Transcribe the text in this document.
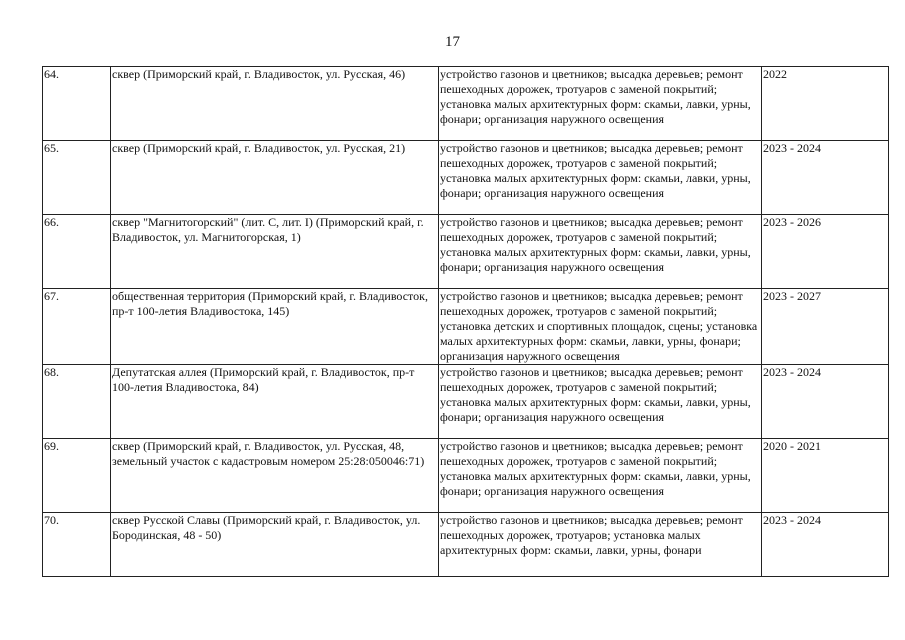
17
64.	сквер (Приморский край, г. Владивосток, ул. Русская, 46)	устройство газонов и цветников; высадка деревьев; ремонт пешеходных дорожек, тротуаров с заменой покрытий; установка малых архитектурных форм: скамьи, лавки, урны, фонари; организация наружного освещения	2022
65.	сквер (Приморский край, г. Владивосток, ул. Русская, 21)	устройство газонов и цветников; высадка деревьев; ремонт пешеходных дорожек, тротуаров с заменой покрытий; установка малых архитектурных форм: скамьи, лавки, урны, фонари; организация наружного освещения	2023 - 2024
66.	сквер "Магнитогорский" (лит. С, лит. I) (Приморский край, г. Владивосток, ул. Магнитогорская, 1)	устройство газонов и цветников; высадка деревьев; ремонт пешеходных дорожек, тротуаров с заменой покрытий; установка малых архитектурных форм: скамьи, лавки, урны, фонари; организация наружного освещения	2023 - 2026
67.	общественная территория (Приморский край, г. Владивосток, пр-т 100-летия Владивостока, 145)	устройство газонов и цветников; высадка деревьев; ремонт пешеходных дорожек, тротуаров с заменой покрытий; установка детских и спортивных площадок, сцены; установка малых архитектурных форм: скамьи, лавки, урны, фонари; организация наружного освещения	2023 - 2027
68.	Депутатская аллея (Приморский край, г. Владивосток, пр-т 100-летия Владивостока, 84)	устройство газонов и цветников; высадка деревьев; ремонт пешеходных дорожек, тротуаров с заменой покрытий; установка малых архитектурных форм: скамьи, лавки, урны, фонари; организация наружного освещения	2023 - 2024
69.	сквер (Приморский край, г. Владивосток, ул. Русская, 48, земельный участок с кадастровым номером 25:28:050046:71)	устройство газонов и цветников; высадка деревьев; ремонт пешеходных дорожек, тротуаров с заменой покрытий; установка малых архитектурных форм: скамьи, лавки, урны, фонари; организация наружного освещения	2020 - 2021
70.	сквер Русской Славы (Приморский край, г. Владивосток, ул. Бородинская, 48 - 50)	устройство газонов и цветников; высадка деревьев; ремонт пешеходных дорожек, тротуаров; установка малых архитектурных форм: скамьи, лавки, урны, фонари	2023 - 2024
